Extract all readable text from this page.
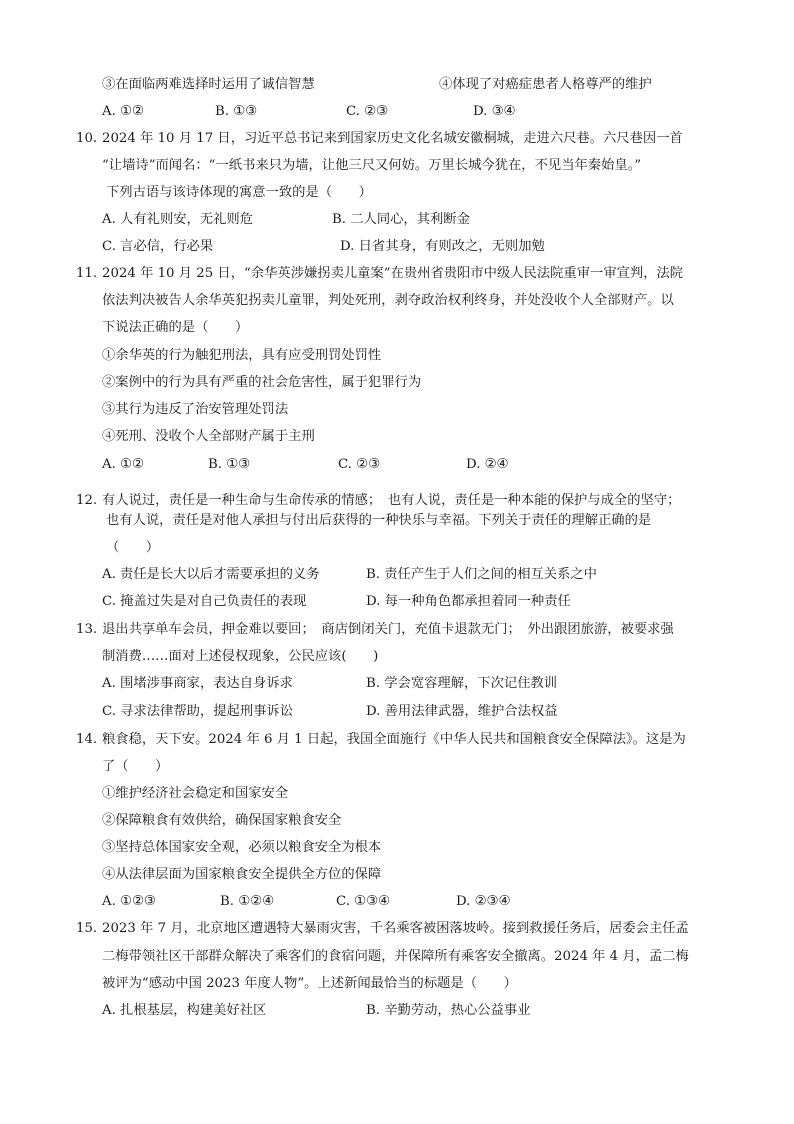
③在面临两难选择时运用了诚信智慧	④体现了对癌症患者人格尊严的维护
A. ①②	B. ①③	C. ②③	D. ③④
10. 2024 年 10 月 17 日，习近平总书记来到国家历史文化名城安徽桐城，走进六尺巷。六尺巷因一首
“让墙诗”而闻名：“一纸书来只为墙，让他三尺又何妨。万里长城今犹在，不见当年秦始皇。”
下列古语与该诗体现的寓意一致的是（　　）
A. 人有礼则安，无礼则危	B. 二人同心，其利断金
C. 言必信，行必果	D. 日省其身，有则改之，无则加勉
11. 2024 年 10 月 25 日，“余华英涉嫌拐卖儿童案”在贵州省贵阳市中级人民法院重审一审宣判，法院
依法判决被告人余华英犯拐卖儿童罪，判处死刑，剥夺政治权利终身，并处没收个人全部财产。以
下说法正确的是（　　）
①余华英的行为触犯刑法，具有应受刑罚处罚性
②案例中的行为具有严重的社会危害性，属于犯罪行为
③其行为违反了治安管理处罚法
④死刑、没收个人全部财产属于主刑
A. ①②	B. ①③	C. ②③	D. ②④
12. 有人说过，责任是一种生命与生命传承的情感；　也有人说，责任是一种本能的保护与成全的坚守；
也有人说，责任是对他人承担与付出后获得的一种快乐与幸福。下列关于责任的理解正确的是
（　　）
A. 责任是长大以后才需要承担的义务	B. 责任产生于人们之间的相互关系之中
C. 掩盖过失是对自己负责任的表现	D. 每一种角色都承担着同一种责任
13. 退出共享单车会员，押金难以要回；　商店倒闭关门，充值卡退款无门；　外出跟团旅游，被要求强
制消费……面对上述侵权现象，公民应该(　　)
A. 围堵涉事商家，表达自身诉求	B. 学会宽容理解，下次记住教训
C. 寻求法律帮助，提起刑事诉讼	D. 善用法律武器，维护合法权益
14. 粮食稳，天下安。2024 年 6 月 1 日起，我国全面施行《中华人民共和国粮食安全保障法》。这是为
了（　　）
①维护经济社会稳定和国家安全
②保障粮食有效供给，确保国家粮食安全
③坚持总体国家安全观，必须以粮食安全为根本
④从法律层面为国家粮食安全提供全方位的保障
A. ①②③	B. ①②④	C. ①③④	D. ②③④
15. 2023 年 7 月，北京地区遭遇特大暴雨灾害，千名乘客被困落坡岭。接到救援任务后，居委会主任孟
二梅带领社区干部群众解决了乘客们的食宿问题，并保障所有乘客安全撤离。2024 年 4 月，孟二梅
被评为“感动中国 2023 年度人物”。上述新闻最恰当的标题是（　　）
A. 扎根基层，构建美好社区	B. 辛勤劳动，热心公益事业
